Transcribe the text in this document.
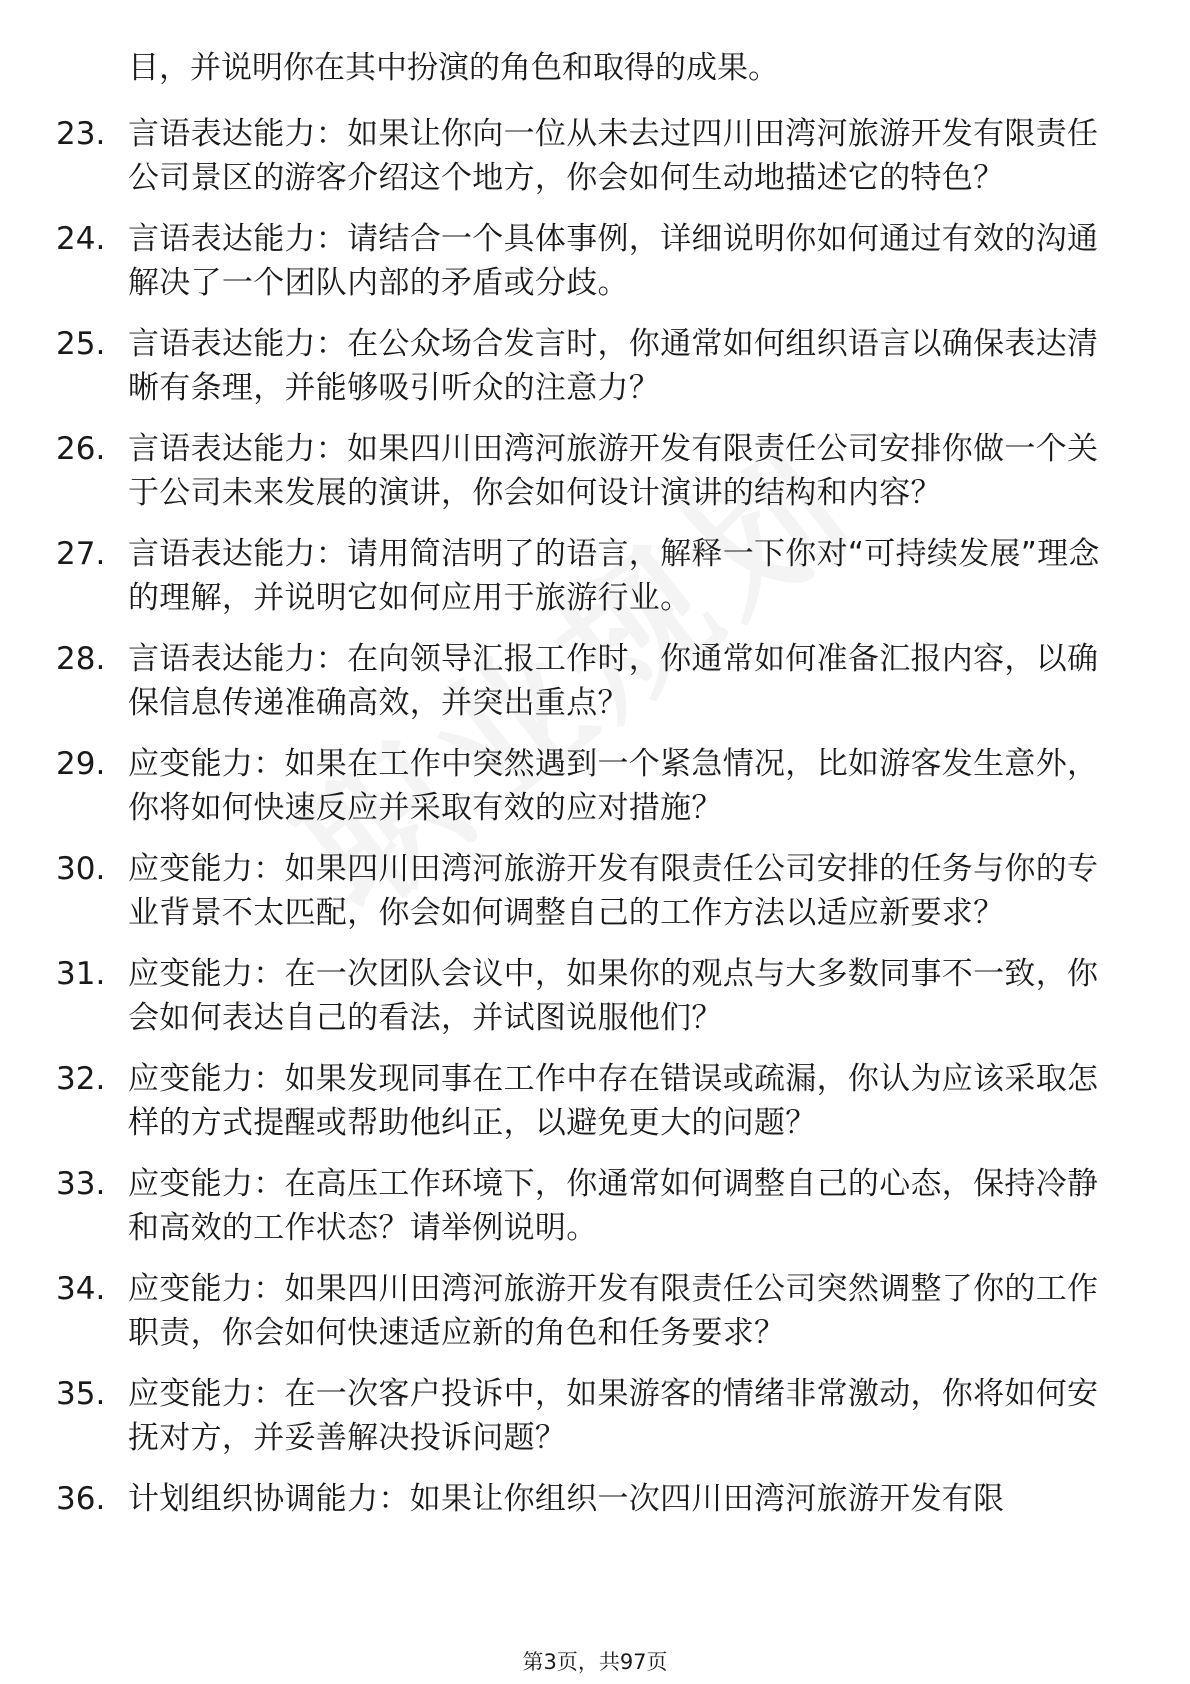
目，并说明你在其中扮演的角色和取得的成果。
23. 言语表达能力：如果让你向一位从未去过四川田湾河旅游开发有限责任公司景区的游客介绍这个地方，你会如何生动地描述它的特色？
24. 言语表达能力：请结合一个具体事例，详细说明你如何通过有效的沟通解决了一个团队内部的矛盾或分歧。
25. 言语表达能力：在公众场合发言时，你通常如何组织语言以确保表达清晰有条理，并能够吸引听众的注意力？
26. 言语表达能力：如果四川田湾河旅游开发有限责任公司安排你做一个关于公司未来发展的演讲，你会如何设计演讲的结构和内容？
27. 言语表达能力：请用简洁明了的语言，解释一下你对“可持续发展”理念的理解，并说明它如何应用于旅游行业。
28. 言语表达能力：在向领导汇报工作时，你通常如何准备汇报内容，以确保信息传递准确高效，并突出重点？
29. 应变能力：如果在工作中突然遇到一个紧急情况，比如游客发生意外，你将如何快速反应并采取有效的应对措施？
30. 应变能力：如果四川田湾河旅游开发有限责任公司安排的任务与你的专业背景不太匹配，你会如何调整自己的工作方法以适应新要求？
31. 应变能力：在一次团队会议中，如果你的观点与大多数同事不一致，你会如何表达自己的看法，并试图说服他们？
32. 应变能力：如果发现同事在工作中存在错误或疏漏，你认为应该采取怎样的方式提醒或帮助他纠正，以避免更大的问题？
33. 应变能力：在高压工作环境下，你通常如何调整自己的心态，保持冷静和高效的工作状态？请举例说明。
34. 应变能力：如果四川田湾河旅游开发有限责任公司突然调整了你的工作职责，你会如何快速适应新的角色和任务要求？
35. 应变能力：在一次客户投诉中，如果游客的情绪非常激动，你将如何安抚对方，并妥善解决投诉问题？
36. 计划组织协调能力：如果让你组织一次四川田湾河旅游开发有限
第3页，共97页
